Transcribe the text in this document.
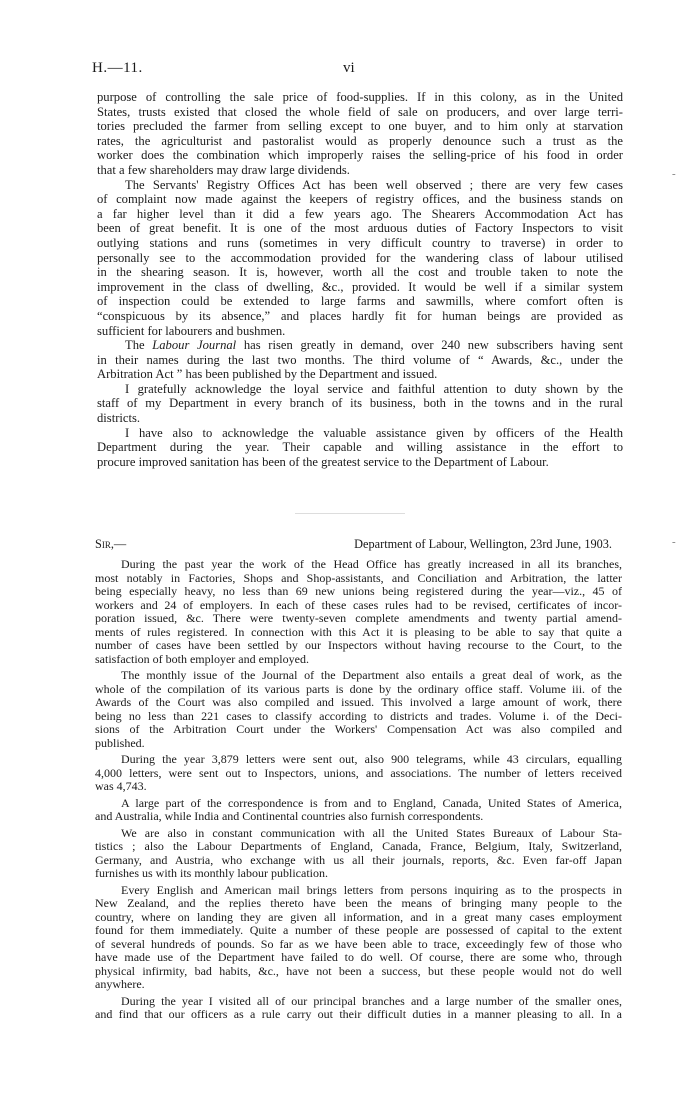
H.—11.	vi
purpose of controlling the sale price of food-supplies. If in this colony, as in the United
States, trusts existed that closed the whole field of sale on producers, and over large terri-
tories precluded the farmer from selling except to one buyer, and to him only at starvation
rates, the agriculturist and pastoralist would as properly denounce such a trust as the
worker does the combination which improperly raises the selling-price of his food in order
that a few shareholders may draw large dividends.
The Servants' Registry Offices Act has been well observed ; there are very few cases
of complaint now made against the keepers of registry offices, and the business stands on
a far higher level than it did a few years ago. The Shearers Accommodation Act has
been of great benefit. It is one of the most arduous duties of Factory Inspectors to visit
outlying stations and runs (sometimes in very difficult country to traverse) in order to
personally see to the accommodation provided for the wandering class of labour utilised
in the shearing season. It is, however, worth all the cost and trouble taken to note the
improvement in the class of dwelling, &c., provided. It would be well if a similar system
of inspection could be extended to large farms and sawmills, where comfort often is
“conspicuous by its absence,” and places hardly fit for human beings are provided as
sufficient for labourers and bushmen.
The Labour Journal has risen greatly in demand, over 240 new subscribers having sent
in their names during the last two months. The third volume of “ Awards, &c., under the
Arbitration Act ” has been published by the Department and issued.
I gratefully acknowledge the loyal service and faithful attention to duty shown by the
staff of my Department in every branch of its business, both in the towns and in the rural
districts.
I have also to acknowledge the valuable assistance given by officers of the Health
Department during the year. Their capable and willing assistance in the effort to
procure improved sanitation has been of the greatest service to the Department of Labour.
Sir,—	Department of Labour, Wellington, 23rd June, 1903.
During the past year the work of the Head Office has greatly increased in all its branches,
most notably in Factories, Shops and Shop-assistants, and Conciliation and Arbitration, the latter
being especially heavy, no less than 69 new unions being registered during the year—viz., 45 of
workers and 24 of employers. In each of these cases rules had to be revised, certificates of incor-
poration issued, &c. There were twenty-seven complete amendments and twenty partial amend-
ments of rules registered. In connection with this Act it is pleasing to be able to say that quite a
number of cases have been settled by our Inspectors without having recourse to the Court, to the
satisfaction of both employer and employed.
The monthly issue of the Journal of the Department also entails a great deal of work, as the
whole of the compilation of its various parts is done by the ordinary office staff. Volume iii. of the
Awards of the Court was also compiled and issued. This involved a large amount of work, there
being no less than 221 cases to classify according to districts and trades. Volume i. of the Deci-
sions of the Arbitration Court under the Workers' Compensation Act was also compiled and
published.
During the year 3,879 letters were sent out, also 900 telegrams, while 43 circulars, equalling
4,000 letters, were sent out to Inspectors, unions, and associations. The number of letters received
was 4,743.
A large part of the correspondence is from and to England, Canada, United States of America,
and Australia, while India and Continental countries also furnish correspondents.
We are also in constant communication with all the United States Bureaux of Labour Sta-
tistics ; also the Labour Departments of England, Canada, France, Belgium, Italy, Switzerland,
Germany, and Austria, who exchange with us all their journals, reports, &c. Even far-off Japan
furnishes us with its monthly labour publication.
Every English and American mail brings letters from persons inquiring as to the prospects in
New Zealand, and the replies thereto have been the means of bringing many people to the
country, where on landing they are given all information, and in a great many cases employment
found for them immediately. Quite a number of these people are possessed of capital to the extent
of several hundreds of pounds. So far as we have been able to trace, exceedingly few of those who
have made use of the Department have failed to do well. Of course, there are some who, through
physical infirmity, bad habits, &c., have not been a success, but these people would not do well
anywhere.
During the year I visited all of our principal branches and a large number of the smaller ones,
and find that our officers as a rule carry out their difficult duties in a manner pleasing to all. In a
-
-
